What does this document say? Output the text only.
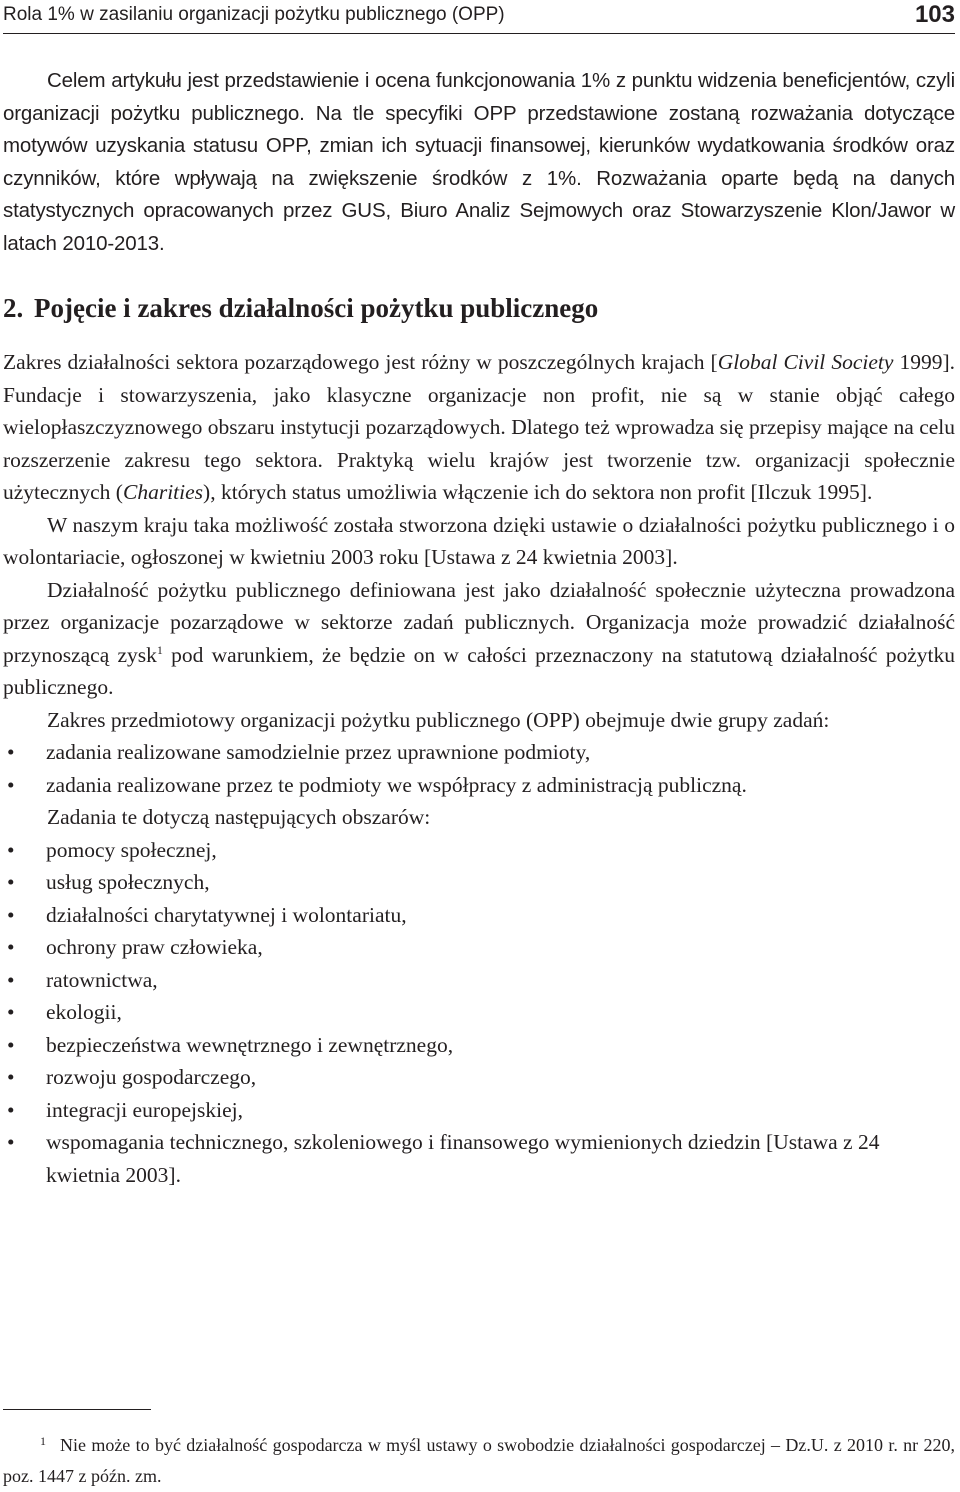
Rola 1% w zasilaniu organizacji pożytku publicznego (OPP)	103

Celem artykułu jest przedstawienie i ocena funkcjonowania 1% z punktu widzenia beneficjentów, czyli organizacji pożytku publicznego. Na tle specyfiki OPP przedstawione zostaną rozważania dotyczące motywów uzyskania statusu OPP, zmian ich sytuacji finansowej, kierunków wydatkowania środków oraz czynników, które wpływają na zwiększenie środków z 1%. Rozważania oparte będą na danych statystycznych opracowanych przez GUS, Biuro Analiz Sejmowych oraz Stowarzyszenie Klon/Jawor w latach 2010-2013.

2. Pojęcie i zakres działalności pożytku publicznego

Zakres działalności sektora pozarządowego jest różny w poszczególnych krajach [Global Civil Society 1999]. Fundacje i stowarzyszenia, jako klasyczne organizacje non profit, nie są w stanie objąć całego wielopłaszczyznowego obszaru instytucji pozarządowych. Dlatego też wprowadza się przepisy mające na celu rozszerzenie zakresu tego sektora. Praktyką wielu krajów jest tworzenie tzw. organizacji społecznie użytecznych (Charities), których status umożliwia włączenie ich do sektora non profit [Ilczuk 1995].

W naszym kraju taka możliwość została stworzona dzięki ustawie o działalności pożytku publicznego i o wolontariacie, ogłoszonej w kwietniu 2003 roku [Ustawa z 24 kwietnia 2003].

Działalność pożytku publicznego definiowana jest jako działalność społecznie użyteczna prowadzona przez organizacje pozarządowe w sektorze zadań publicznych. Organizacja może prowadzić działalność przynoszącą zysk$^1$ pod warunkiem, że będzie on w całości przeznaczony na statutową działalność pożytku publicznego.

Zakres przedmiotowy organizacji pożytku publicznego (OPP) obejmuje dwie grupy zadań:

• zadania realizowane samodzielnie przez uprawnione podmioty,
• zadania realizowane przez te podmioty we współpracy z administracją publiczną.

Zadania te dotyczą następujących obszarów:

• pomocy społecznej,
• usług społecznych,
• działalności charytatywnej i wolontariatu,
• ochrony praw człowieka,
• ratownictwa,
• ekologii,
• bezpieczeństwa wewnętrznego i zewnętrznego,
• rozwoju gospodarczego,
• integracji europejskiej,
• wspomagania technicznego, szkoleniowego i finansowego wymienionych dziedzin [Ustawa z 24 kwietnia 2003].
$^1$ Nie może to być działalność gospodarcza w myśl ustawy o swobodzie działalności gospodarczej – Dz.U. z 2010 r. nr 220, poz. 1447 z późn. zm.
